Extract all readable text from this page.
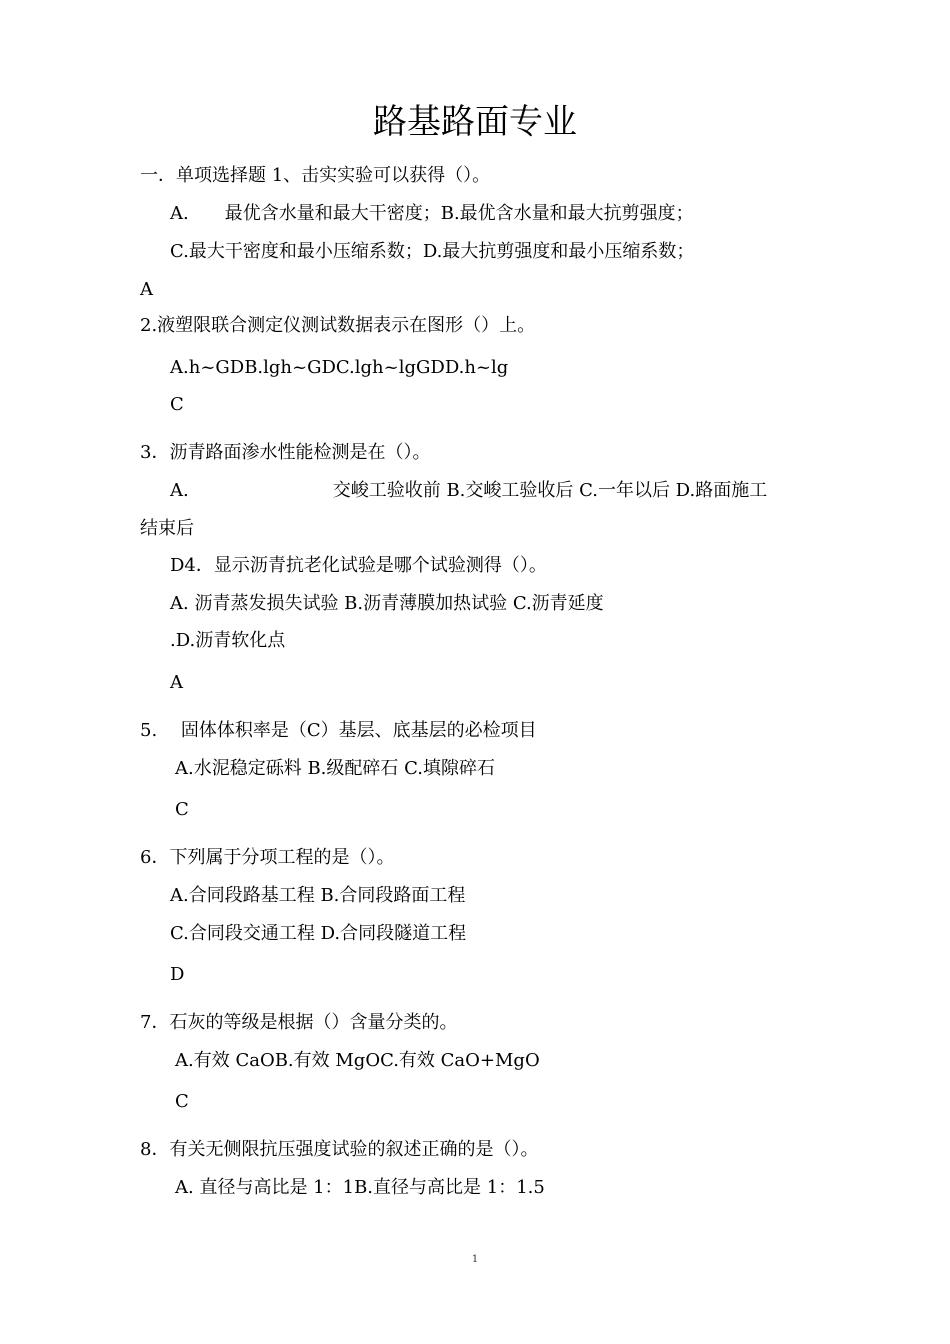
路基路面专业
一．单项选择题 1、击实实验可以获得（）。
A.　　最优含水量和最大干密度；B.最优含水量和最大抗剪强度；
C.最大干密度和最小压缩系数；D.最大抗剪强度和最小压缩系数；
A
2.液塑限联合测定仪测试数据表示在图形（）上。
A.h~GDB.lgh~GDC.lgh~lgGDD.h~lg
C
3．沥青路面渗水性能检测是在（）。
A.　　　　　　　　交峻工验收前 B.交峻工验收后 C.一年以后 D.路面施工
结束后
D4．显示沥青抗老化试验是哪个试验测得（）。
A. 沥青蒸发损失试验 B.沥青薄膜加热试验 C.沥青延度
.D.沥青软化点
A
5.　 固体体积率是（C）基层、底基层的必检项目
A.水泥稳定砾料 B.级配碎石 C.填隙碎石
C
6．下列属于分项工程的是（）。
A.合同段路基工程 B.合同段路面工程
C.合同段交通工程 D.合同段隧道工程
D
7．石灰的等级是根据（）含量分类的。
A.有效 CaOB.有效 MgOC.有效 CaO+MgO
C
8．有关无侧限抗压强度试验的叙述正确的是（）。
A. 直径与高比是 1：1B.直径与高比是 1：1.5
1
